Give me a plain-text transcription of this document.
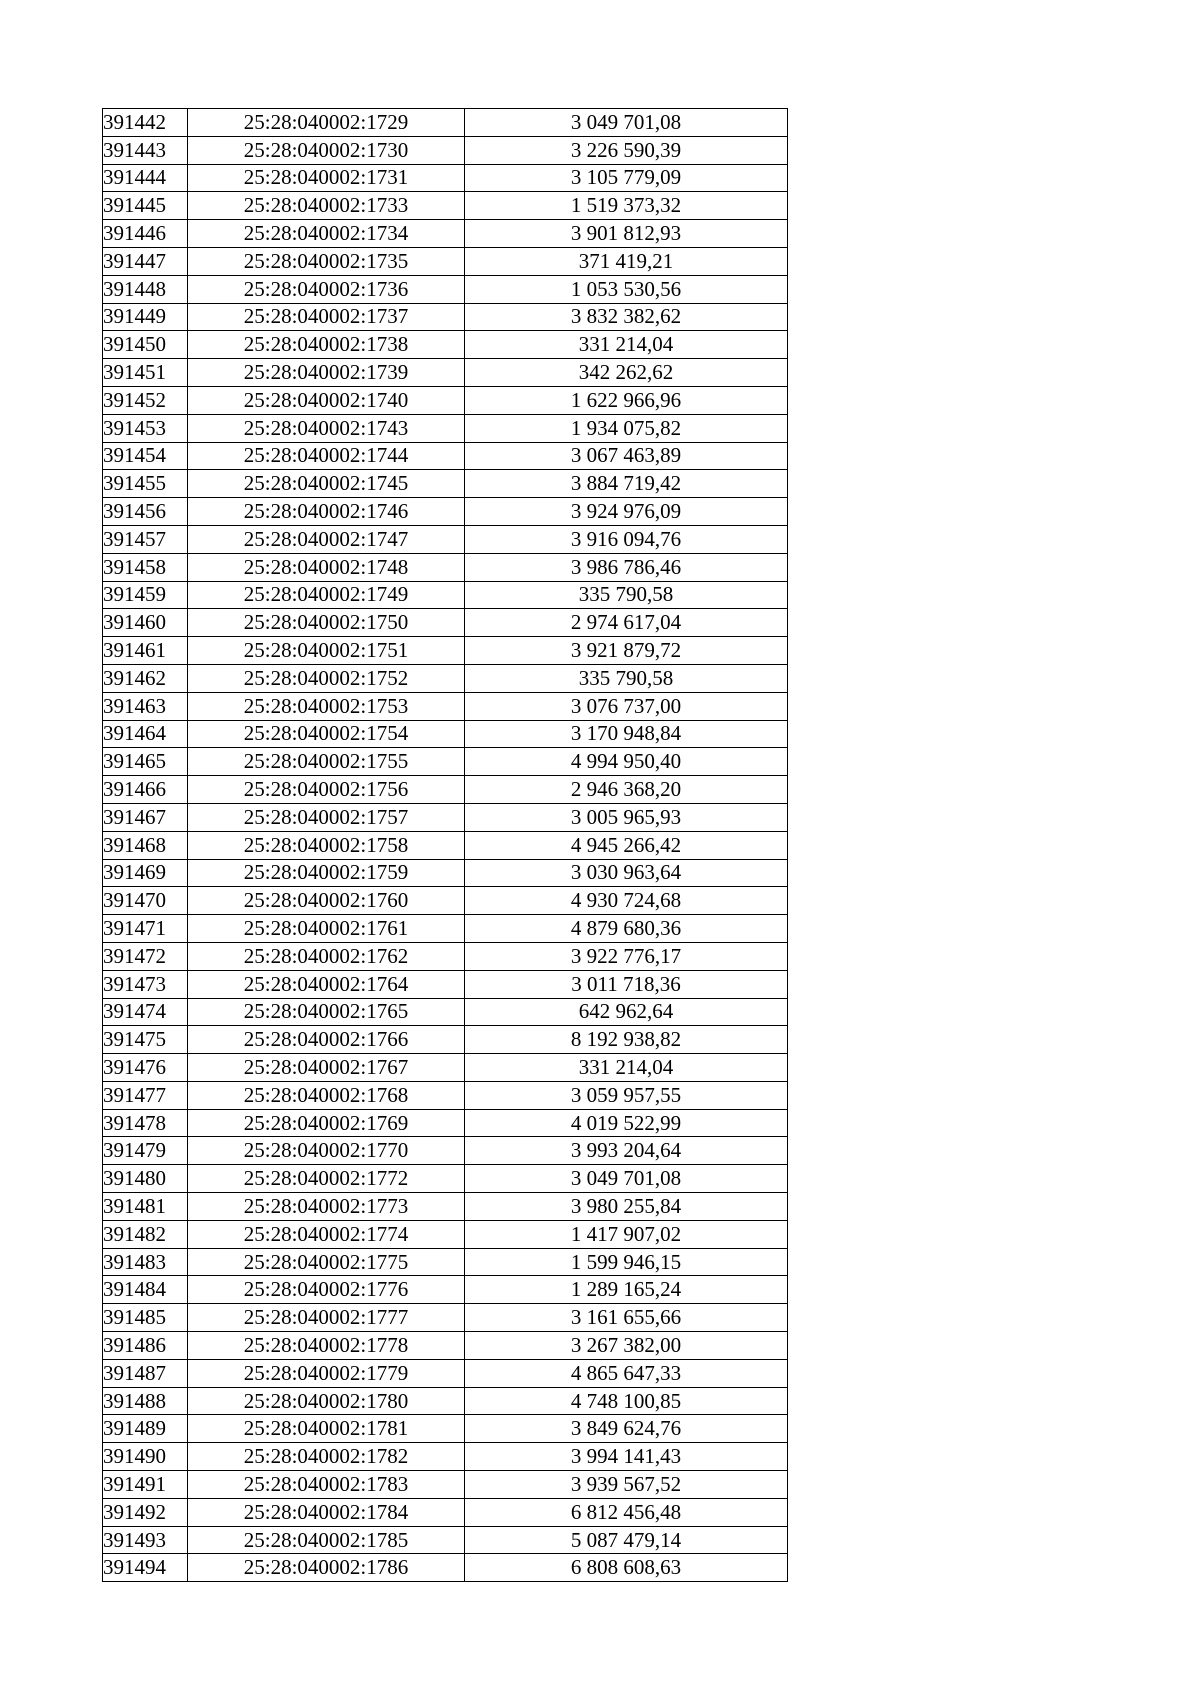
391442	25:28:040002:1729	3 049 701,08
391443	25:28:040002:1730	3 226 590,39
391444	25:28:040002:1731	3 105 779,09
391445	25:28:040002:1733	1 519 373,32
391446	25:28:040002:1734	3 901 812,93
391447	25:28:040002:1735	371 419,21
391448	25:28:040002:1736	1 053 530,56
391449	25:28:040002:1737	3 832 382,62
391450	25:28:040002:1738	331 214,04
391451	25:28:040002:1739	342 262,62
391452	25:28:040002:1740	1 622 966,96
391453	25:28:040002:1743	1 934 075,82
391454	25:28:040002:1744	3 067 463,89
391455	25:28:040002:1745	3 884 719,42
391456	25:28:040002:1746	3 924 976,09
391457	25:28:040002:1747	3 916 094,76
391458	25:28:040002:1748	3 986 786,46
391459	25:28:040002:1749	335 790,58
391460	25:28:040002:1750	2 974 617,04
391461	25:28:040002:1751	3 921 879,72
391462	25:28:040002:1752	335 790,58
391463	25:28:040002:1753	3 076 737,00
391464	25:28:040002:1754	3 170 948,84
391465	25:28:040002:1755	4 994 950,40
391466	25:28:040002:1756	2 946 368,20
391467	25:28:040002:1757	3 005 965,93
391468	25:28:040002:1758	4 945 266,42
391469	25:28:040002:1759	3 030 963,64
391470	25:28:040002:1760	4 930 724,68
391471	25:28:040002:1761	4 879 680,36
391472	25:28:040002:1762	3 922 776,17
391473	25:28:040002:1764	3 011 718,36
391474	25:28:040002:1765	642 962,64
391475	25:28:040002:1766	8 192 938,82
391476	25:28:040002:1767	331 214,04
391477	25:28:040002:1768	3 059 957,55
391478	25:28:040002:1769	4 019 522,99
391479	25:28:040002:1770	3 993 204,64
391480	25:28:040002:1772	3 049 701,08
391481	25:28:040002:1773	3 980 255,84
391482	25:28:040002:1774	1 417 907,02
391483	25:28:040002:1775	1 599 946,15
391484	25:28:040002:1776	1 289 165,24
391485	25:28:040002:1777	3 161 655,66
391486	25:28:040002:1778	3 267 382,00
391487	25:28:040002:1779	4 865 647,33
391488	25:28:040002:1780	4 748 100,85
391489	25:28:040002:1781	3 849 624,76
391490	25:28:040002:1782	3 994 141,43
391491	25:28:040002:1783	3 939 567,52
391492	25:28:040002:1784	6 812 456,48
391493	25:28:040002:1785	5 087 479,14
391494	25:28:040002:1786	6 808 608,63
